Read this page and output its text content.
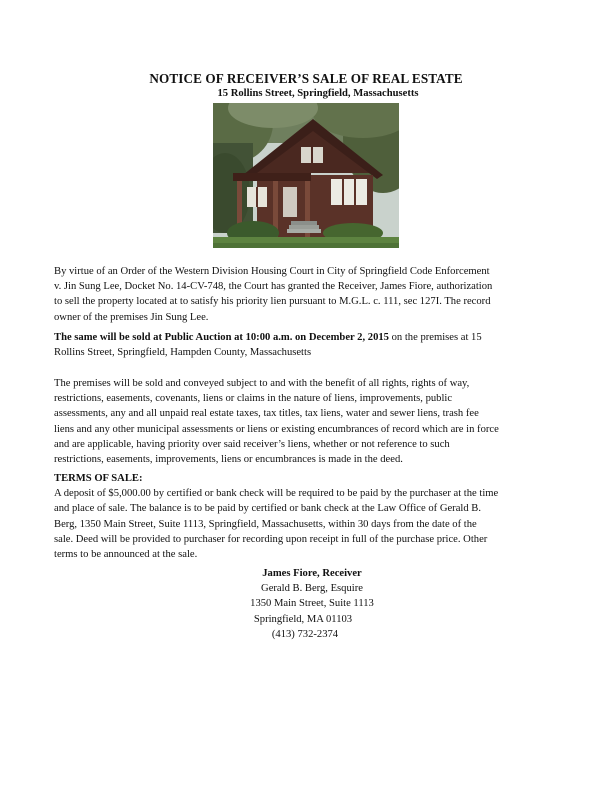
NOTICE OF RECEIVER’S SALE OF REAL ESTATE
15 Rollins Street, Springfield, Massachusetts
By virtue of an Order of the Western Division Housing Court in City of Springfield Code Enforcement
v. Jin Sung Lee, Docket No. 14-CV-748, the Court has granted the Receiver, James Fiore, authorization
to sell the property located at to satisfy his priority lien pursuant to M.G.L. c. 111, sec 127I. The record
owner of the premises Jin Sung Lee.
The same will be sold at Public Auction at 10:00 a.m. on December 2, 2015 on the premises at 15
Rollins Street, Springfield, Hampden County, Massachusetts
The premises will be sold and conveyed subject to and with the benefit of all rights, rights of way,
restrictions, easements, covenants, liens or claims in the nature of liens, improvements, public
assessments, any and all unpaid real estate taxes, tax titles, tax liens, water and sewer liens, trash fee
liens and any other municipal assessments or liens or existing encumbrances of record which are in force
and are applicable, having priority over said receiver’s liens, whether or not reference to such
restrictions, easements, improvements, liens or encumbrances is made in the deed.
TERMS OF SALE:
A deposit of $5,000.00 by certified or bank check will be required to be paid by the purchaser at the time
and place of sale. The balance is to be paid by certified or bank check at the Law Office of Gerald B.
Berg, 1350 Main Street, Suite 1113, Springfield, Massachusetts, within 30 days from the date of the
sale. Deed will be provided to purchaser for recording upon receipt in full of the purchase price. Other
terms to be announced at the sale.
James Fiore, Receiver
Gerald B. Berg, Esquire
1350 Main Street, Suite 1113
Springfield, MA 01103
(413) 732-2374
